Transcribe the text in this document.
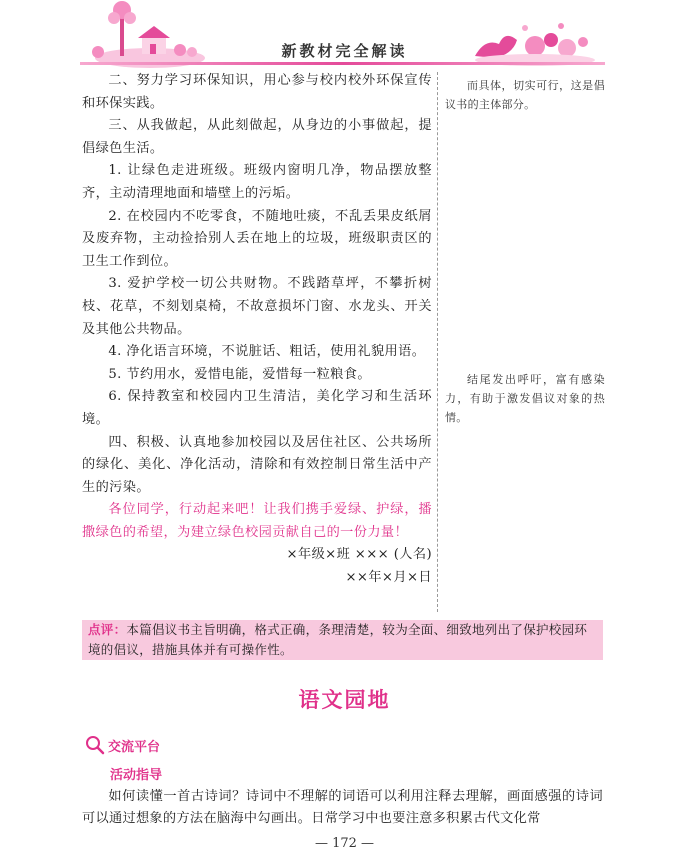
新教材完全解读

二、努力学习环保知识，用心参与校内校外环保宣传和环保实践。

三、从我做起，从此刻做起，从身边的小事做起，提倡绿色生活。

1. 让绿色走进班级。班级内窗明几净，物品摆放整齐，主动清理地面和墙壁上的污垢。

2. 在校园内不吃零食，不随地吐痰，不乱丢果皮纸屑及废弃物，主动捡拾别人丢在地上的垃圾，班级职责区的卫生工作到位。

3. 爱护学校一切公共财物。不践踏草坪，不攀折树枝、花草，不刻划桌椅，不故意损坏门窗、水龙头、开关及其他公共物品。

4. 净化语言环境，不说脏话、粗话，使用礼貌用语。

5. 节约用水，爱惜电能，爱惜每一粒粮食。

6. 保持教室和校园内卫生清洁，美化学习和生活环境。

四、积极、认真地参加校园以及居住社区、公共场所的绿化、美化、净化活动，清除和有效控制日常生活中产生的污染。

各位同学，行动起来吧！让我们携手爱绿、护绿，播撒绿色的希望，为建立绿色校园贡献自己的一份力量！

×年级×班 ××× (人名)

××年×月×日

而具体，切实可行，这是倡议书的主体部分。

结尾发出呼吁，富有感染力，有助于激发倡议对象的热情。

点评：本篇倡议书主旨明确，格式正确，条理清楚，较为全面、细致地列出了保护校园环境的倡议，措施具体并有可操作性。
语文园地
交流平台
活动指导

如何读懂一首古诗词？诗词中不理解的词语可以利用注释去理解，画面感强的诗词可以通过想象的方法在脑海中勾画出。日常学习中也要注意多积累古代文化常

— 172 —
